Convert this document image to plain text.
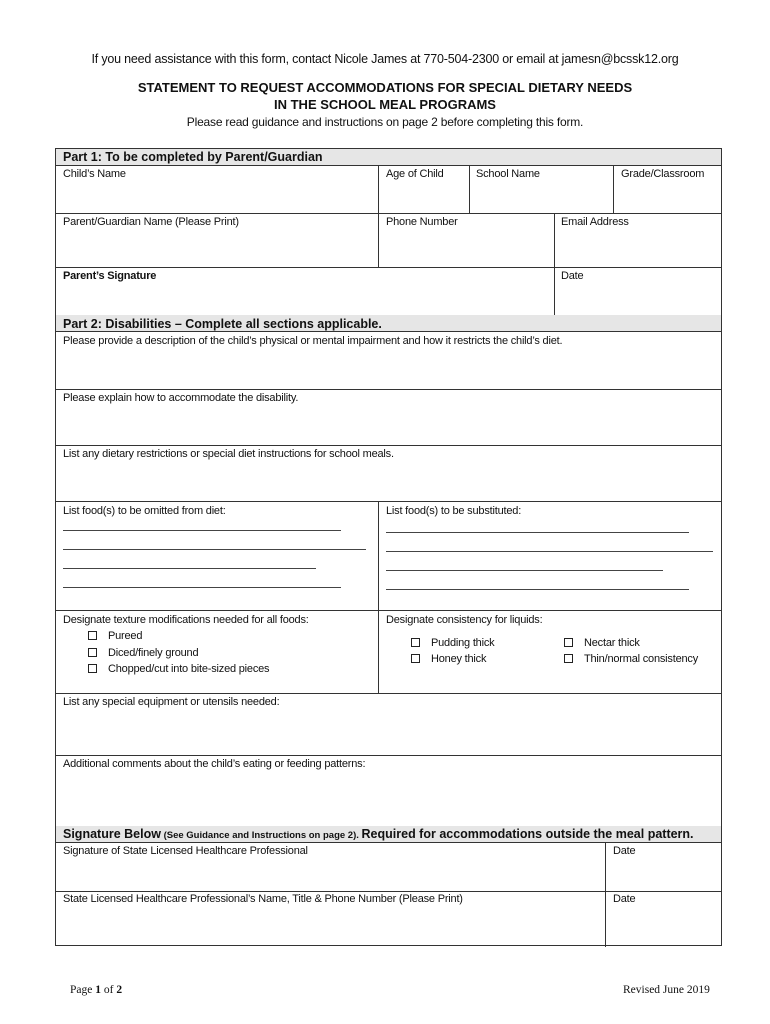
If you need assistance with this form, contact Nicole James at 770-504-2300 or email at jamesn@bcssk12.org
STATEMENT TO REQUEST ACCOMMODATIONS FOR SPECIAL DIETARY NEEDS
IN THE SCHOOL MEAL PROGRAMS
Please read guidance and instructions on page 2 before completing this form.
Part 1: To be completed by Parent/Guardian
Child’s Name	Age of Child	School Name	Grade/Classroom
Parent/Guardian Name (Please Print)	Phone Number	Email Address
Parent’s Signature	Date
Part 2: Disabilities – Complete all sections applicable.
Please provide a description of the child’s physical or mental impairment and how it restricts the child’s diet.
Please explain how to accommodate the disability.
List any dietary restrictions or special diet instructions for school meals.
List food(s) to be omitted from diet:	List food(s) to be substituted:
Designate texture modifications needed for all foods:
Pureed
Diced/finely ground
Chopped/cut into bite-sized pieces
Designate consistency for liquids:
Pudding thick
Honey thick
Nectar thick
Thin/normal consistency
List any special equipment or utensils needed:
Additional comments about the child’s eating or feeding patterns:
Signature Below (See Guidance and Instructions on page 2). Required for accommodations outside the meal pattern.
Signature of State Licensed Healthcare Professional	Date
State Licensed Healthcare Professional’s Name, Title & Phone Number (Please Print)	Date
Page 1 of 2	Revised June 2019
